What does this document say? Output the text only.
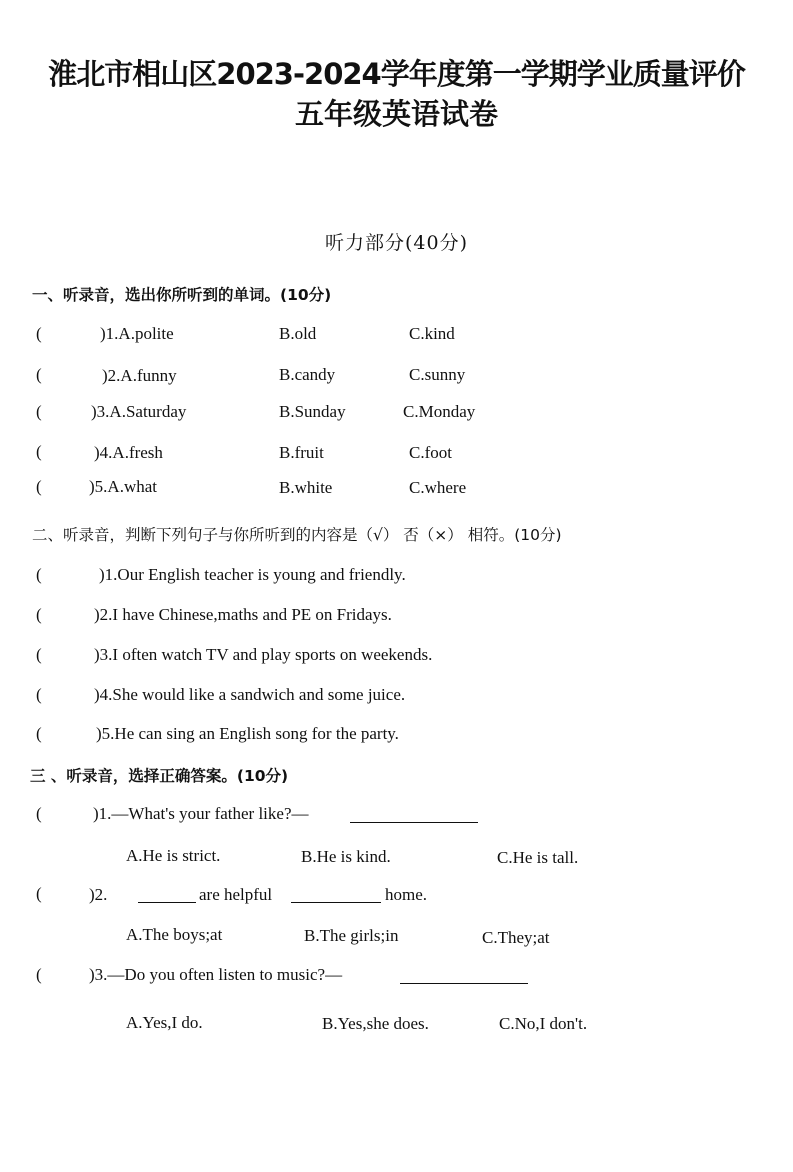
淮北市相山区2023-2024学年度第一学期学业质量评价
五年级英语试卷
听力部分(40分)
一、听录音，选出你所听到的单词。(10分)
(	)1.A.polite	B.old	C.kind
(	)2.A.funny	B.candy	C.sunny
(	)3.A.Saturday	B.Sunday	C.Monday
(	)4.A.fresh	B.fruit	C.foot
(	)5.A.what	B.white	C.where
二、听录音，判断下列句子与你所听到的内容是（√） 否（×） 相符。(10分)
(	)1.Our English teacher is young and friendly.
(	)2.I have Chinese,maths and PE on Fridays.
(	)3.I often watch TV and play sports on weekends.
(	)4.She would like a sandwich and some juice.
(	)5.He can sing an English song for the party.
三 、听录音，选择正确答案。(10分)
(	)1.—What's your father like?—
A.He is strict.	B.He is kind.	C.He is tall.
(	)2.	are helpful	home.
A.The boys;at	B.The girls;in	C.They;at
(	)3.—Do you often listen to music?—
A.Yes,I do.	B.Yes,she does.	C.No,I don't.
